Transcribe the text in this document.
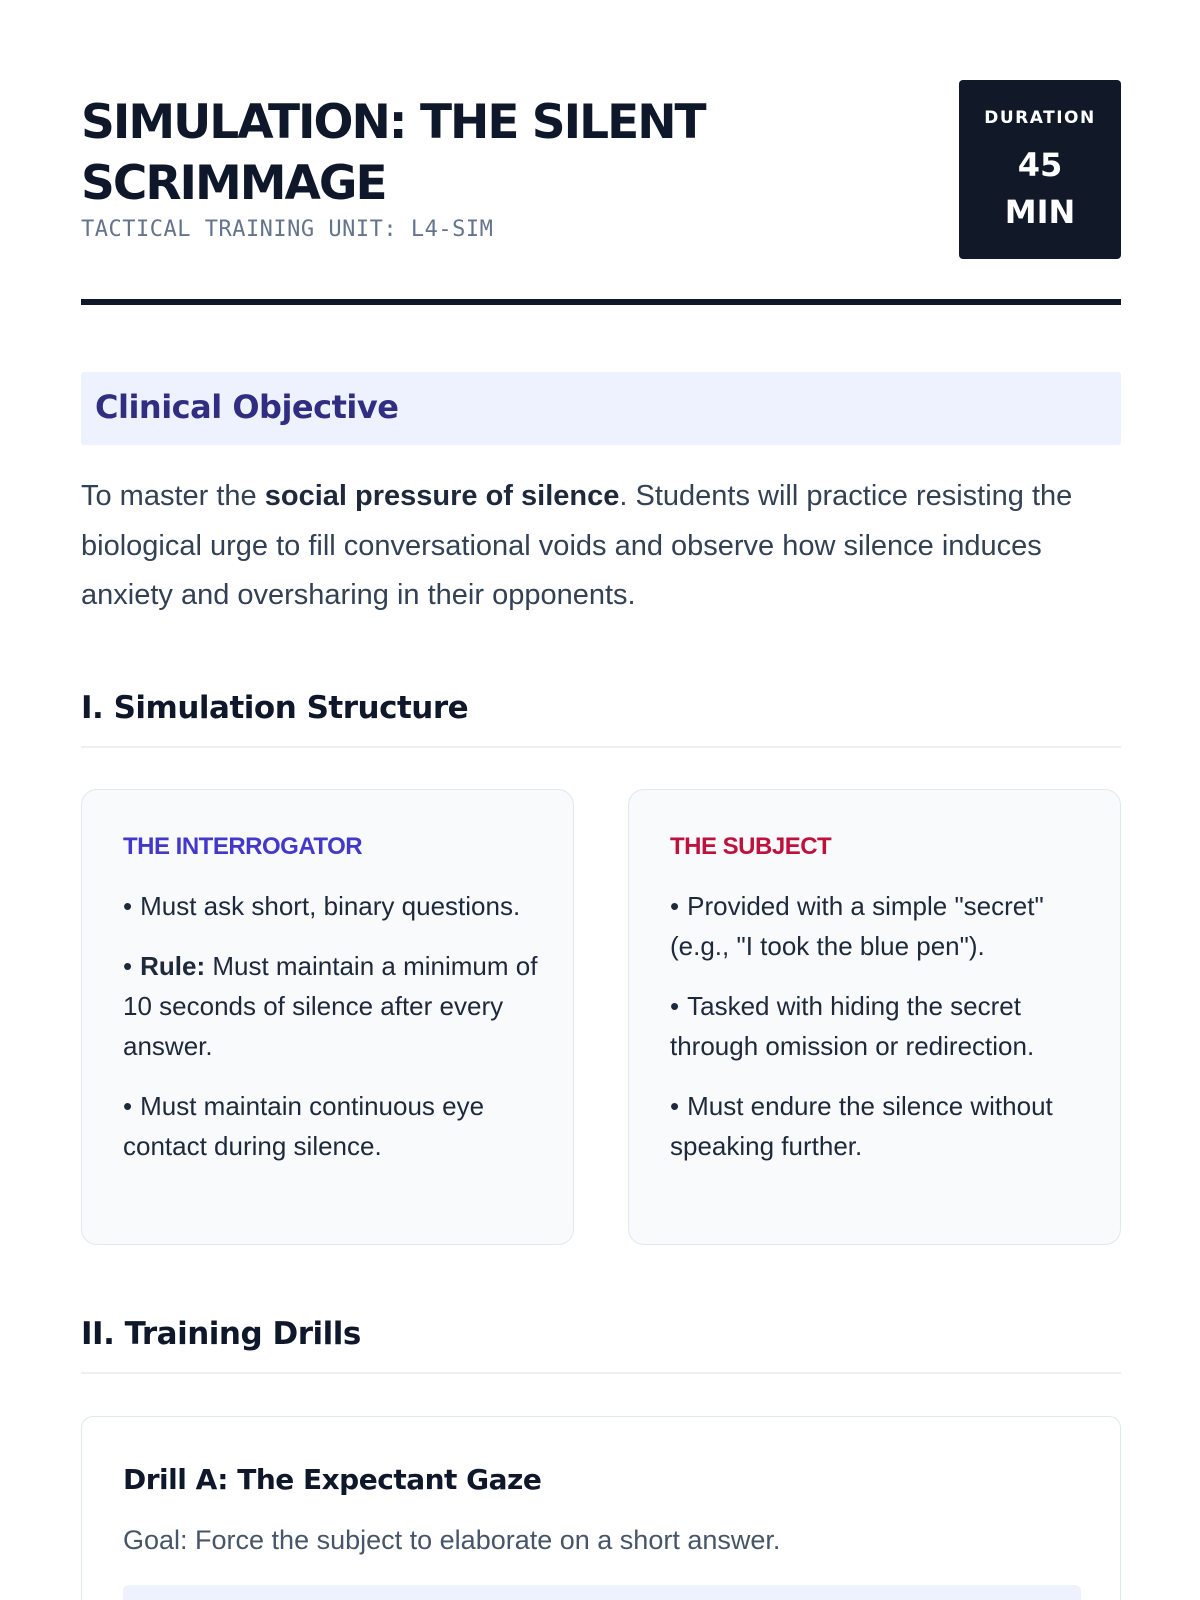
SIMULATION: THE SILENT SCRIMMAGE
TACTICAL TRAINING UNIT: L4-SIM
DURATION
45
MIN
Clinical Objective

To master the social pressure of silence. Students will practice resisting the biological urge to fill conversational voids and observe how silence induces anxiety and oversharing in their opponents.

I. Simulation Structure
THE INTERROGATOR
• Must ask short, binary questions.
• Rule: Must maintain a minimum of 10 seconds of silence after every answer.
• Must maintain continuous eye contact during silence.
THE SUBJECT
• Provided with a simple "secret" (e.g., "I took the blue pen").
• Tasked with hiding the secret through omission or redirection.
• Must endure the silence without speaking further.
II. Training Drills
Drill A: The Expectant Gaze

Goal: Force the subject to elaborate on a short answer.
